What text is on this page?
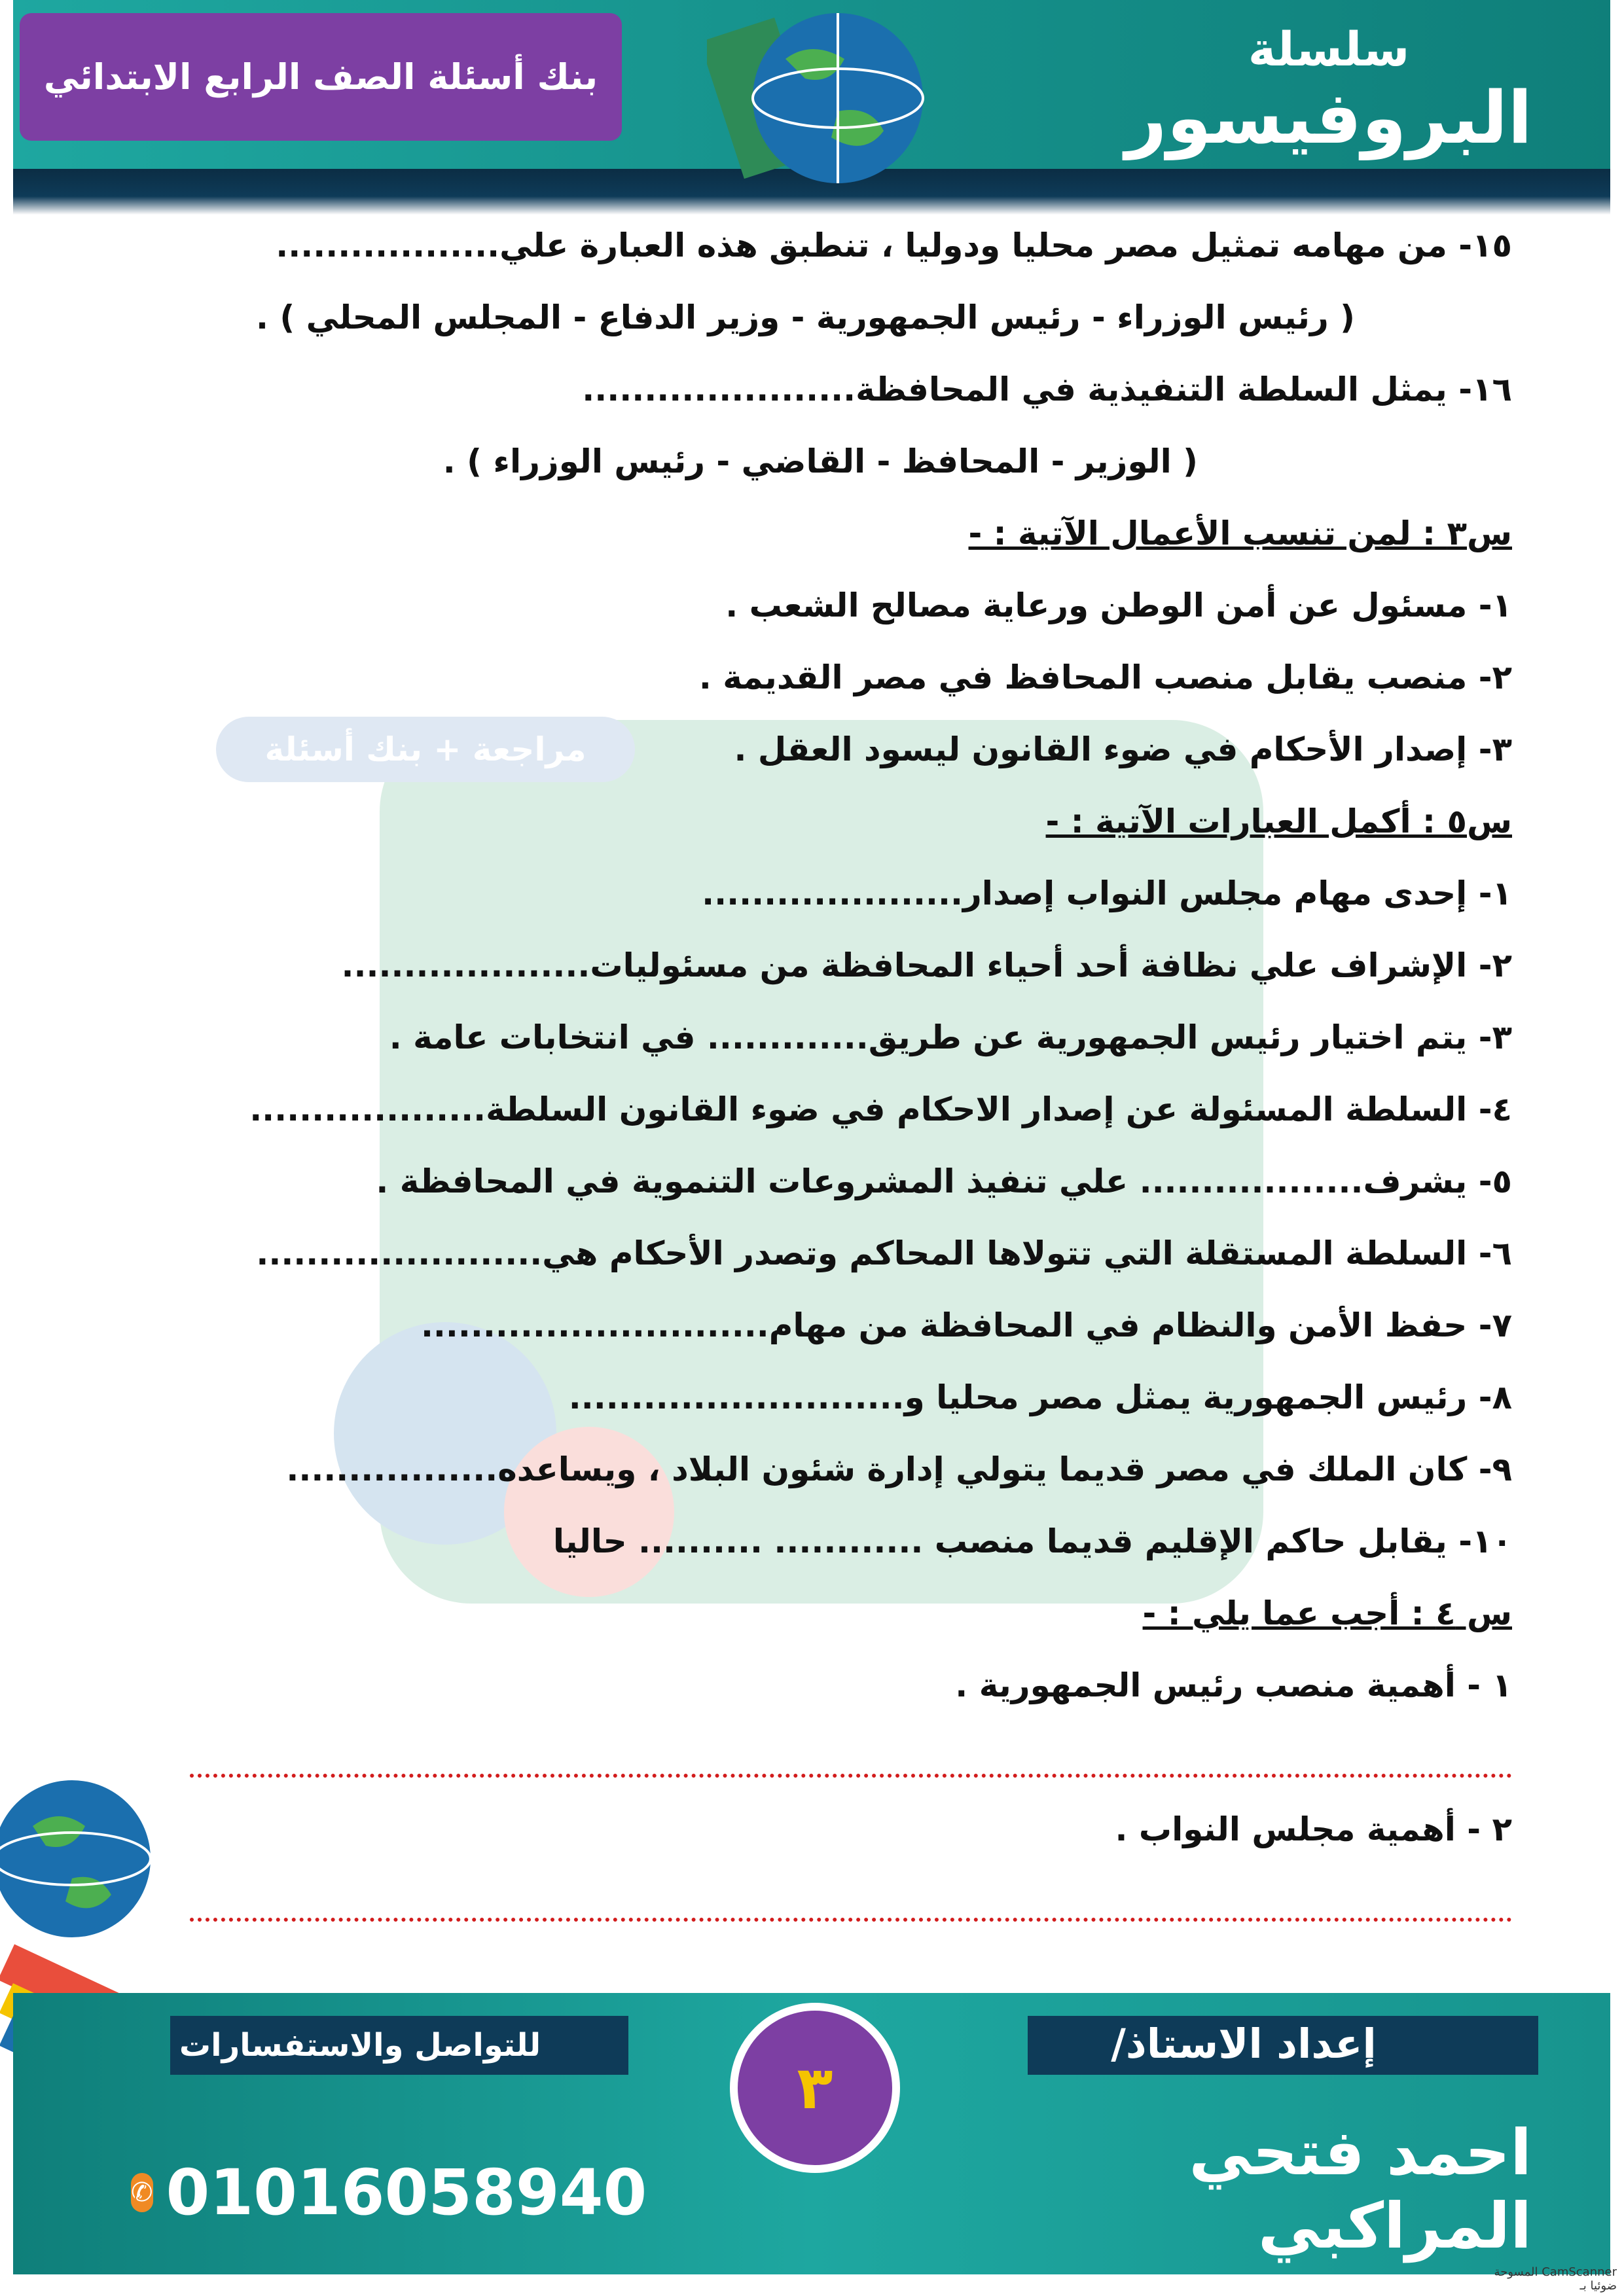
بنك أسئلة الصف الرابع الابتدائي
سلسلة
البروفيسور
مراجعة + بنك أسئلة
١٥- من مهامه تمثيل مصر محليا ودوليا ، تنطبق هذه العبارة علي..................
( رئيس الوزراء - رئيس الجمهورية - وزير الدفاع - المجلس المحلي ) .
١٦- يمثل السلطة التنفيذية في المحافظة......................
( الوزير - المحافظ - القاضي - رئيس الوزراء ) .
س٣ : لمن تنسب الأعمال الآتية : -
١- مسئول عن أمن الوطن ورعاية مصالح الشعب .
٢- منصب يقابل منصب المحافظ في مصر القديمة .
٣- إصدار الأحكام في ضوء القانون ليسود العقل .
س٥ : أكمل العبارات الآتية : -
١- إحدى مهام مجلس النواب إصدار.....................
٢- الإشراف علي نظافة أحد أحياء المحافظة من مسئوليات....................
٣- يتم اختيار رئيس الجمهورية عن طريق............. في انتخابات عامة .
٤- السلطة المسئولة عن إصدار الاحكام في ضوء القانون السلطة...................
٥- يشرف.................. علي تنفيذ المشروعات التنموية في المحافظة .
٦- السلطة المستقلة التي تتولاها المحاكم وتصدر الأحكام هي.......................
٧- حفظ الأمن والنظام في المحافظة من مهام............................
٨- رئيس الجمهورية يمثل مصر محليا و...........................
٩- كان الملك في مصر قديما يتولي إدارة شئون البلاد ، ويساعده.................
١٠- يقابل حاكم الإقليم قديما منصب ............ .......... حاليا
س ٤ : أجب عما يلي : -
١ - أهمية منصب رئيس الجمهورية .
٢ - أهمية مجلس النواب .
للتواصل والاستفسارات	إعداد الاستاذ/
✆ 01016058940
احمد فتحي المراكبي
٣
CamScanner المسوحة ضوئيا بـ
